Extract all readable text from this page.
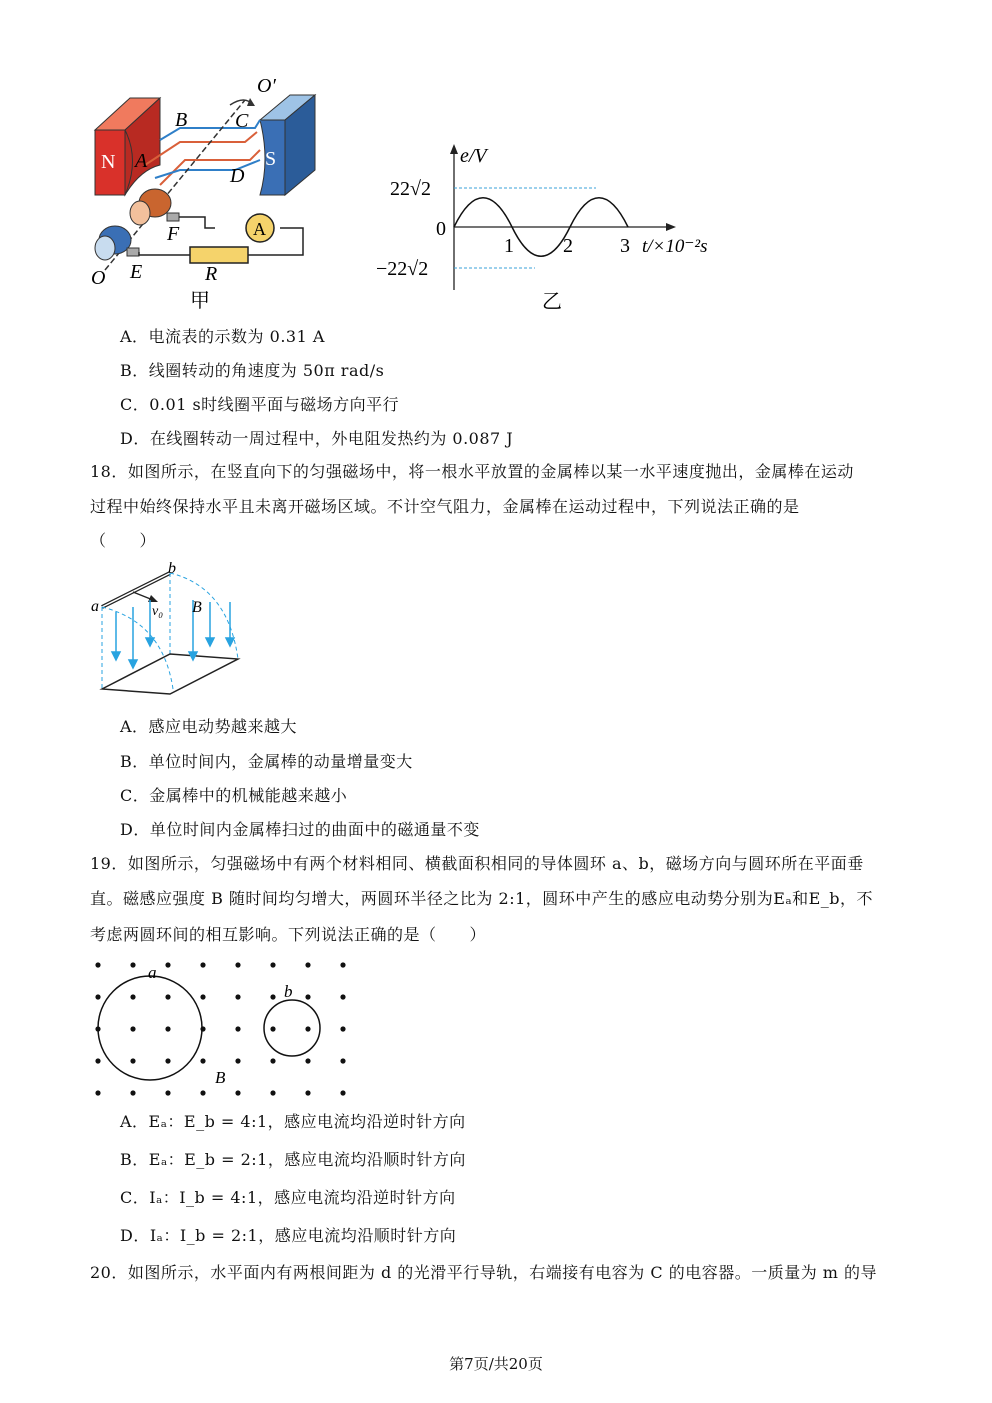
N	S
A
A
B C
D
O′
F
E
O	R
甲
e/V
22√2
0
−22√2
1 2 3 t/×10⁻²s
乙
A．电流表的示数为 0.31 A
B．线圈转动的角速度为 50π rad/s
C．0.01 s时线圈平面与磁场方向平行
D．在线圈转动一周过程中，外电阻发热约为 0.087 J
18．如图所示，在竖直向下的匀强磁场中，将一根水平放置的金属棒以某一水平速度抛出，金属棒在运动
过程中始终保持水平且未离开磁场区域。不计空气阻力，金属棒在运动过程中，下列说法正确的是
（　　）
a
b
v₀ B
A．感应电动势越来越大
B．单位时间内，金属棒的动量增量变大
C．金属棒中的机械能越来越小
D．单位时间内金属棒扫过的曲面中的磁通量不变
19．如图所示，匀强磁场中有两个材料相同、横截面积相同的导体圆环 a、b，磁场方向与圆环所在平面垂
直。磁感应强度 B 随时间均匀增大，两圆环半径之比为 2:1，圆环中产生的感应电动势分别为Eₐ和E_b，不
考虑两圆环间的相互影响。下列说法正确的是（　　）
a
b
B
A．Eₐ：E_b = 4:1，感应电流均沿逆时针方向
B．Eₐ：E_b = 2:1，感应电流均沿顺时针方向
C．Iₐ：I_b = 4:1，感应电流均沿逆时针方向
D．Iₐ：I_b = 2:1，感应电流均沿顺时针方向
20．如图所示，水平面内有两根间距为 d 的光滑平行导轨，右端接有电容为 C 的电容器。一质量为 m 的导
第7页/共20页
